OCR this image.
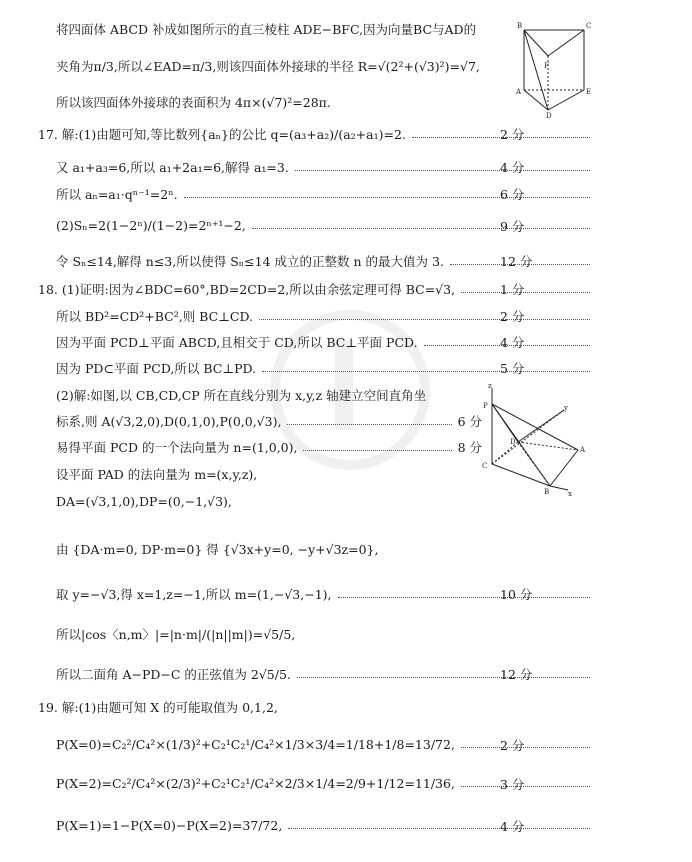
将四面体 ABCD 补成如图所示的直三棱柱 ADE−BFC,因为向量BC与AD的
夹角为π/3,所以∠EAD=π/3,则该四面体外接球的半径 R=√(2²+(√3)²)=√7,
所以该四面体外接球的表面积为 4π×(√7)²=28π.
17. 解:(1)由题可知,等比数列{aₙ}的公比 q=(a₃+a₂)/(a₂+a₁)=2.	2 分
又 a₁+a₃=6,所以 a₁+2a₁=6,解得 a₁=3.	4 分
所以 aₙ=a₁·qⁿ⁻¹=2ⁿ.	6 分
(2)Sₙ=2(1−2ⁿ)/(1−2)=2ⁿ⁺¹−2,	9 分
令 Sₙ≤14,解得 n≤3,所以使得 Sₙ≤14 成立的正整数 n 的最大值为 3.	12 分
18. (1)证明:因为∠BDC=60°,BD=2CD=2,所以由余弦定理可得 BC=√3,	1 分
所以 BD²=CD²+BC²,则 BC⊥CD.	2 分
因为平面 PCD⊥平面 ABCD,且相交于 CD,所以 BC⊥平面 PCD.	4 分
因为 PD⊂平面 PCD,所以 BC⊥PD.	5 分
(2)解:如图,以 CB,CD,CP 所在直线分别为 x,y,z 轴建立空间直角坐
标系,则 A(√3,2,0),D(0,1,0),P(0,0,√3),	6 分
易得平面 PCD 的一个法向量为 n=(1,0,0),	8 分
设平面 PAD 的法向量为 m=(x,y,z),
DA=(√3,1,0),DP=(0,−1,√3),
由 {DA·m=0, DP·m=0} 得 {√3x+y=0, −y+√3z=0},
取 y=−√3,得 x=1,z=−1,所以 m=(1,−√3,−1),	10 分
所以|cos〈n,m〉|=|n·m|/(|n||m|)=√5/5,
所以二面角 A−PD−C 的正弦值为 2√5/5.	12 分
19. 解:(1)由题可知 X 的可能取值为 0,1,2,
P(X=0)=C₂²/C₄²×(1/3)²+C₂¹C₂¹/C₄²×1/3×3/4=1/18+1/8=13/72,	2 分
P(X=2)=C₂²/C₄²×(2/3)²+C₂¹C₂¹/C₄²×2/3×1/4=2/9+1/12=11/36,	3 分
P(X=1)=1−P(X=0)−P(X=2)=37/72,	4 分
B	C
F
A	E
D
z
P	y
D
C
A
B	x
